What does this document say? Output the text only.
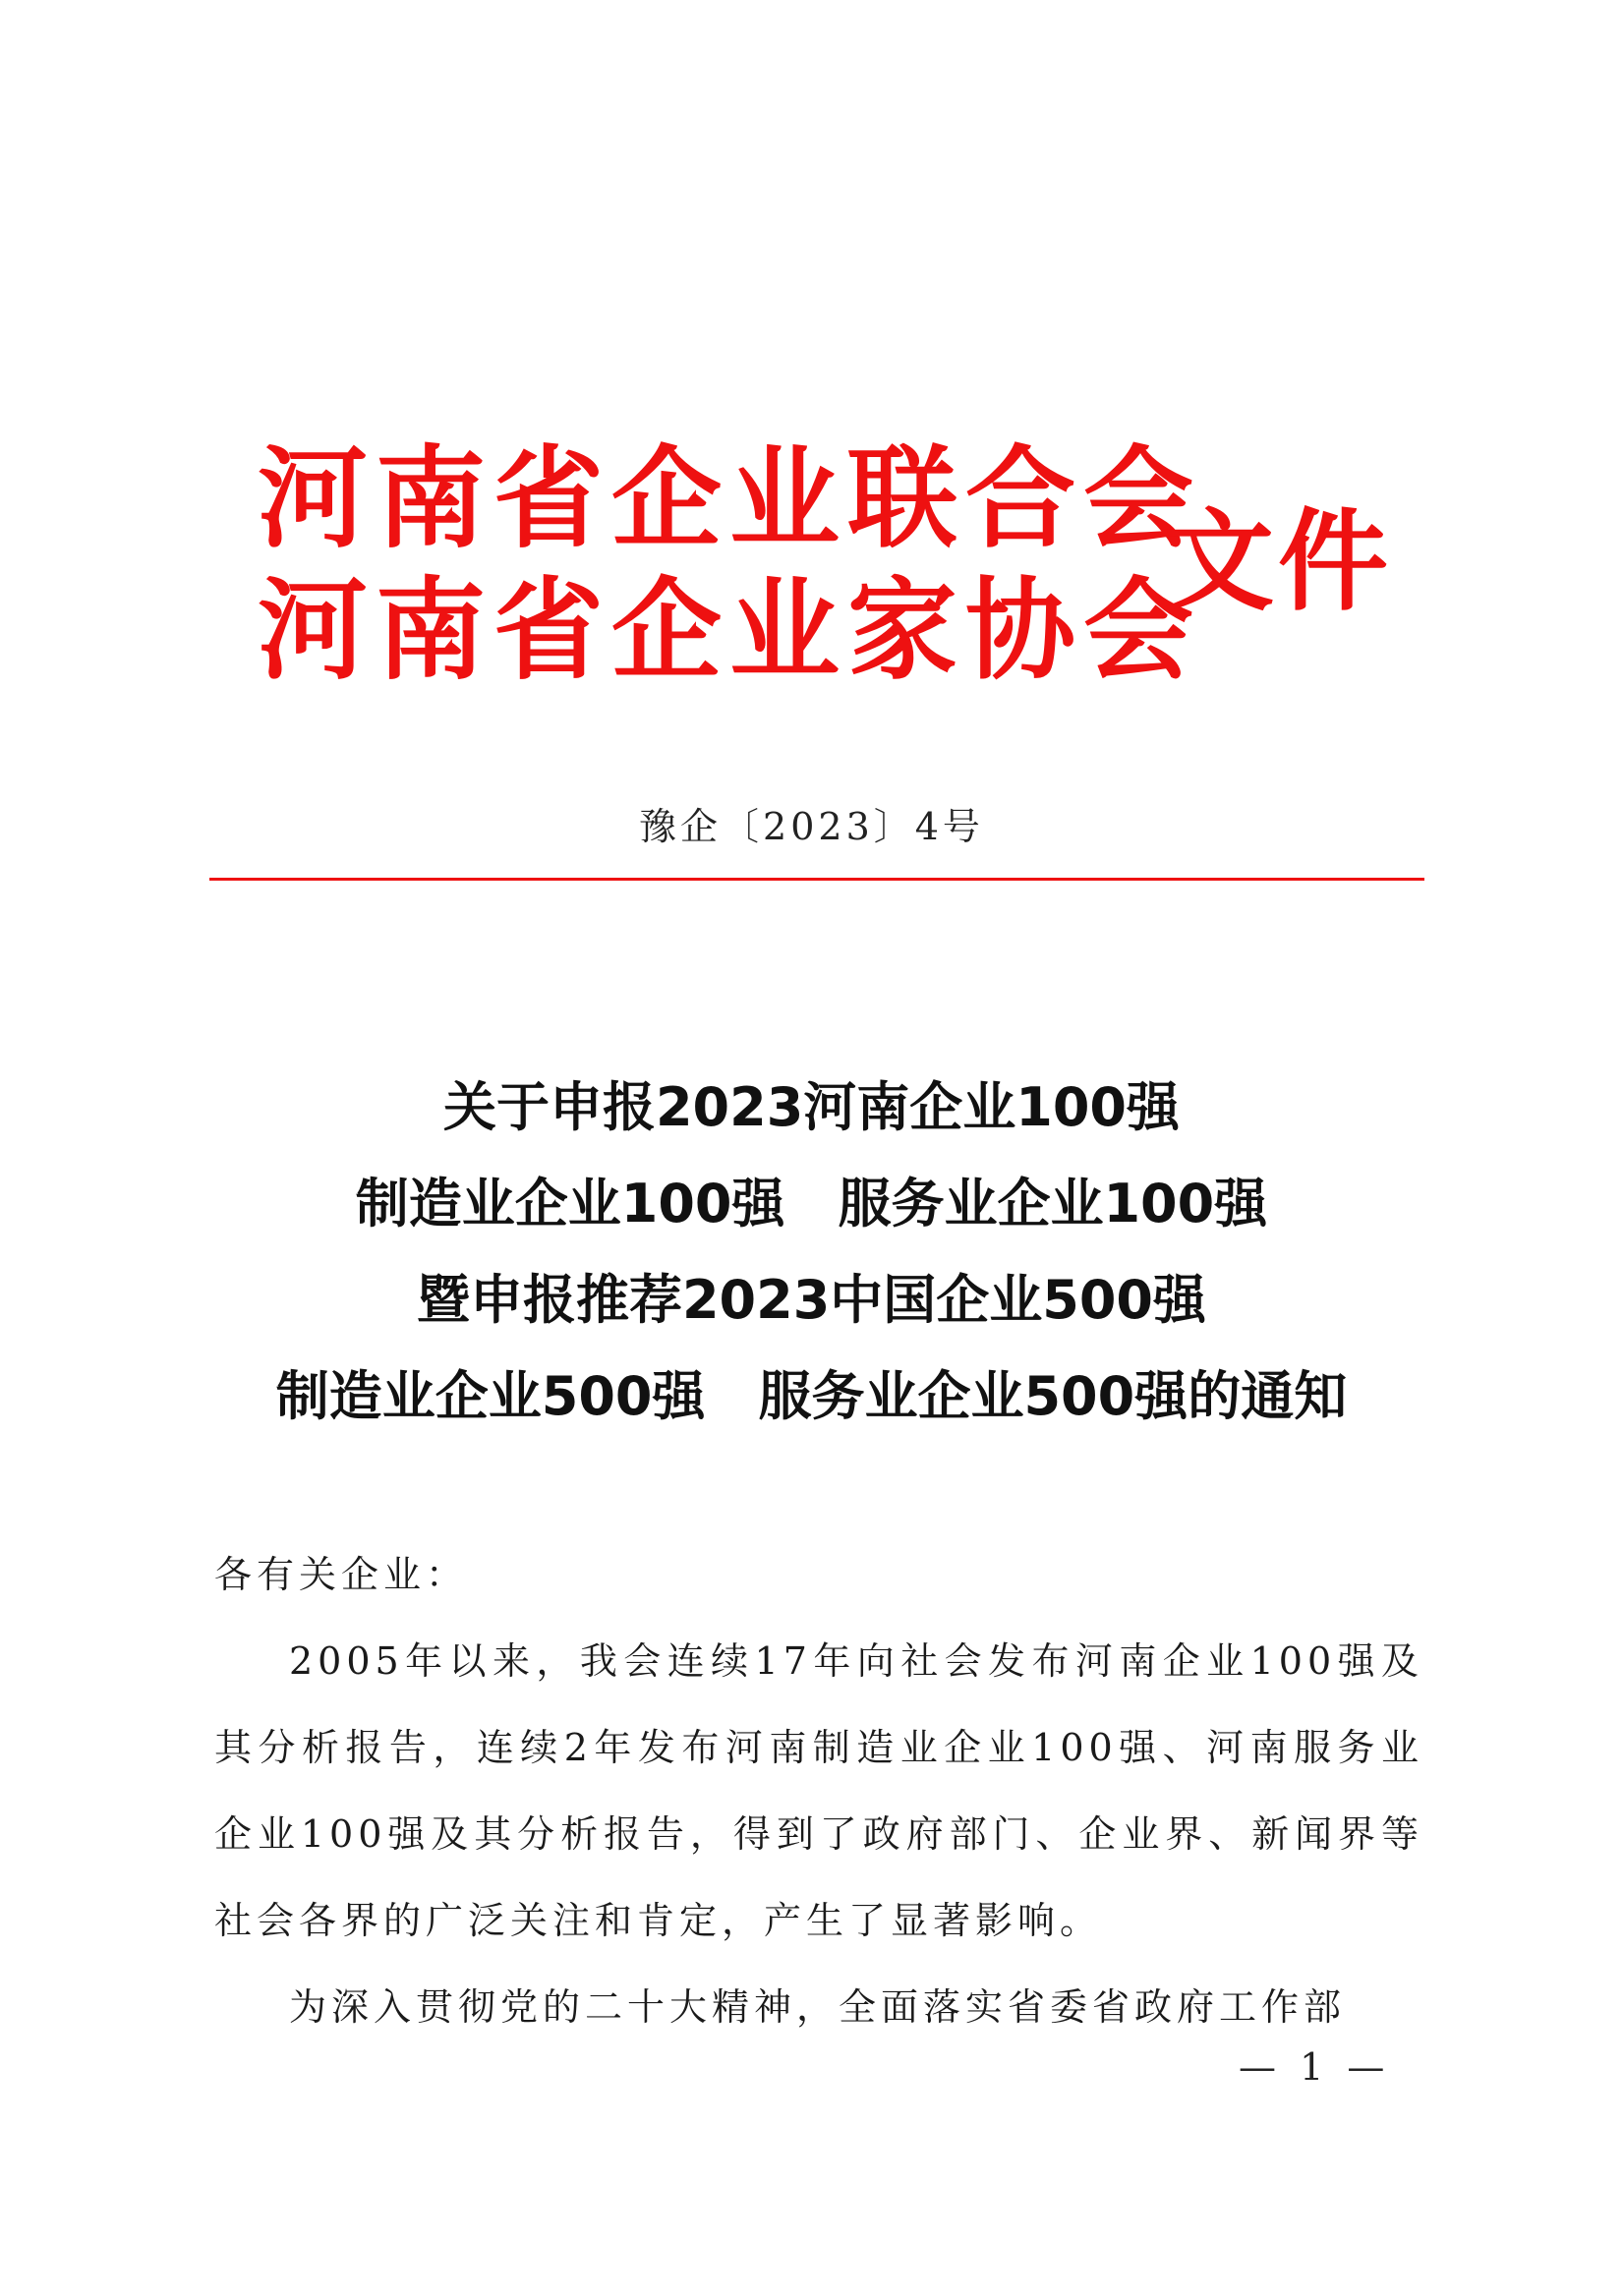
河南省企业联合会
河南省企业家协会
文件
豫企〔2023〕4号
关于申报2023河南企业100强
制造业企业100强　服务业企业100强
暨申报推荐2023中国企业500强
制造业企业500强　服务业企业500强的通知

各有关企业：

2005年以来，我会连续17年向社会发布河南企业100强及其分析报告，连续2年发布河南制造业企业100强、河南服务业企业100强及其分析报告，得到了政府部门、企业界、新闻界等社会各界的广泛关注和肯定，产生了显著影响。

为深入贯彻党的二十大精神，全面落实省委省政府工作部

— 1 —
